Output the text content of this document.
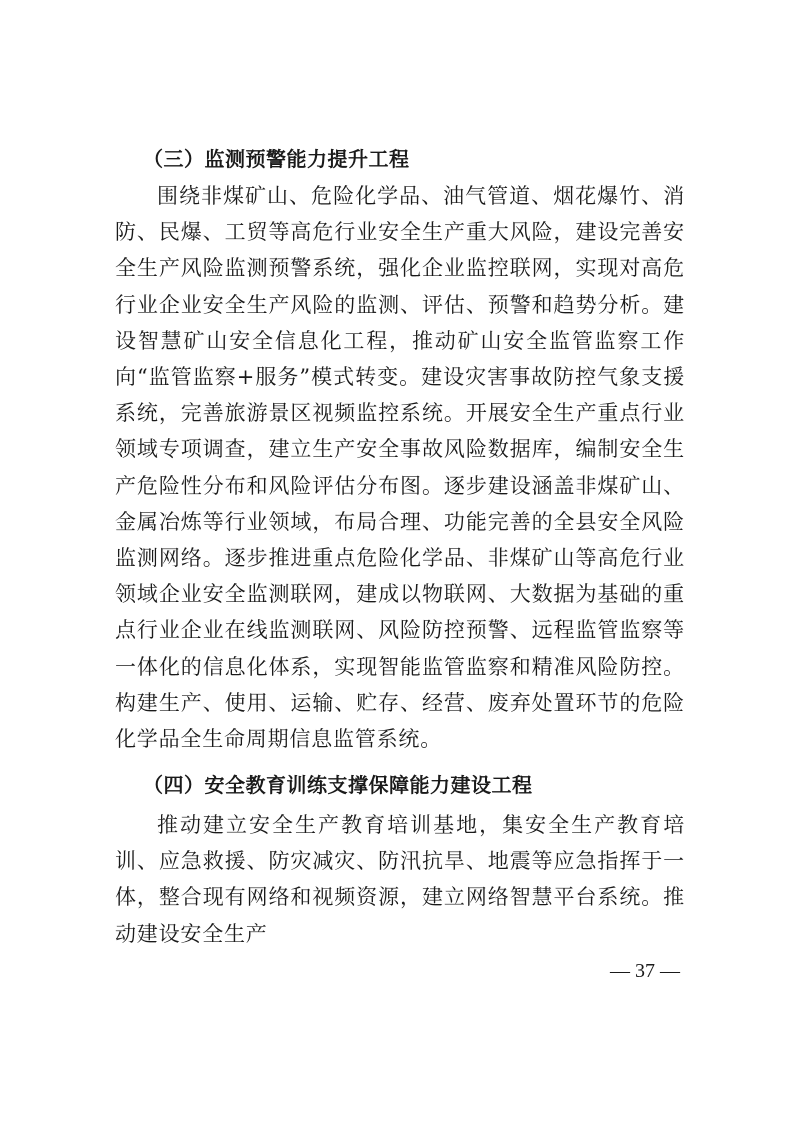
（三）监测预警能力提升工程

围绕非煤矿山、危险化学品、油气管道、烟花爆竹、消防、民爆、工贸等高危行业安全生产重大风险，建设完善安全生产风险监测预警系统，强化企业监控联网，实现对高危行业企业安全生产风险的监测、评估、预警和趋势分析。建设智慧矿山安全信息化工程，推动矿山安全监管监察工作向“监管监察+服务”模式转变。建设灾害事故防控气象支援系统，完善旅游景区视频监控系统。开展安全生产重点行业领域专项调查，建立生产安全事故风险数据库，编制安全生产危险性分布和风险评估分布图。逐步建设涵盖非煤矿山、金属冶炼等行业领域，布局合理、功能完善的全县安全风险监测网络。逐步推进重点危险化学品、非煤矿山等高危行业领域企业安全监测联网，建成以物联网、大数据为基础的重点行业企业在线监测联网、风险防控预警、远程监管监察等一体化的信息化体系，实现智能监管监察和精准风险防控。构建生产、使用、运输、贮存、经营、废弃处置环节的危险化学品全生命周期信息监管系统。

（四）安全教育训练支撑保障能力建设工程

推动建立安全生产教育培训基地，集安全生产教育培训、应急救援、防灾减灾、防汛抗旱、地震等应急指挥于一体，整合现有网络和视频资源，建立网络智慧平台系统。推动建设安全生产

— 37 —
